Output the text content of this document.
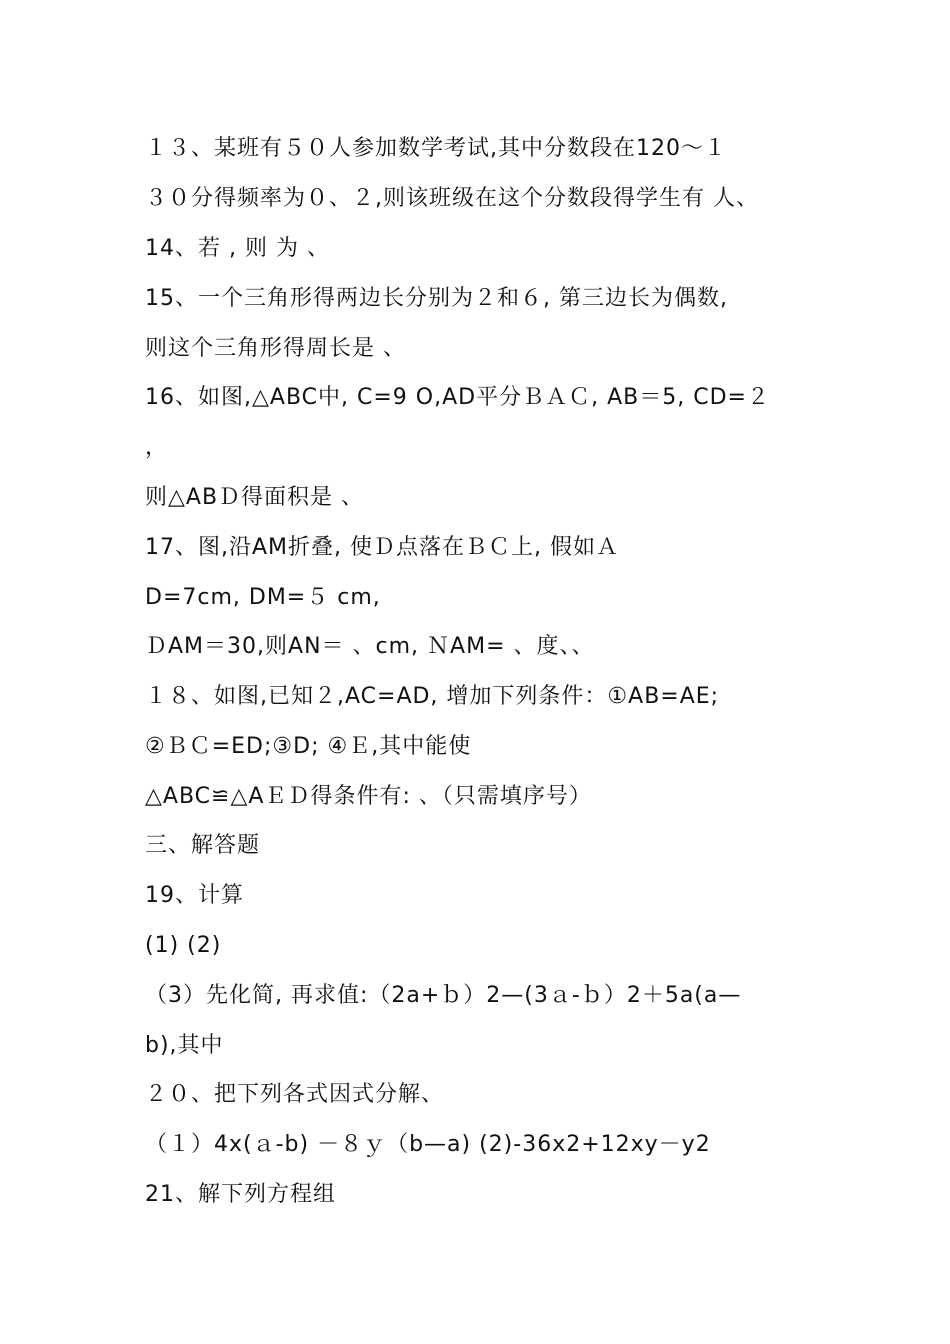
１３、某班有５０人参加数学考试,其中分数段在120～１
３０分得频率为０、２,则该班级在这个分数段得学生有 人、
14、若 , 则 为 、
15、一个三角形得两边长分别为２和６, 第三边长为偶数,
则这个三角形得周长是 、
16、如图,△ABC中, C=9 O,AD平分ＢＡＣ, AB＝5, CD=２
，
则△ABＤ得面积是 、
17、图,沿AM折叠, 使Ｄ点落在ＢＣ上, 假如Ａ
D=7cm, DM=５ cm,
ＤAM＝30,则AN＝ 、cm, ＮAM= 、度、、
１８、如图,已知２,AC=AD, 增加下列条件：①AB=AE;
②ＢＣ=ED;③D; ④Ｅ,其中能使
△ABC≌△AＥＤ得条件有: 、（只需填序号）
三、解答题
19、计算
(1) (2)
（3）先化简, 再求值:（2a+ｂ）2—(3ａ-ｂ）2＋5a(a—
b),其中
２０、把下列各式因式分解、
（１）4x(ａ-b) －８ｙ（b—a) (2)-36x2+12xy－y2
21、解下列方程组
